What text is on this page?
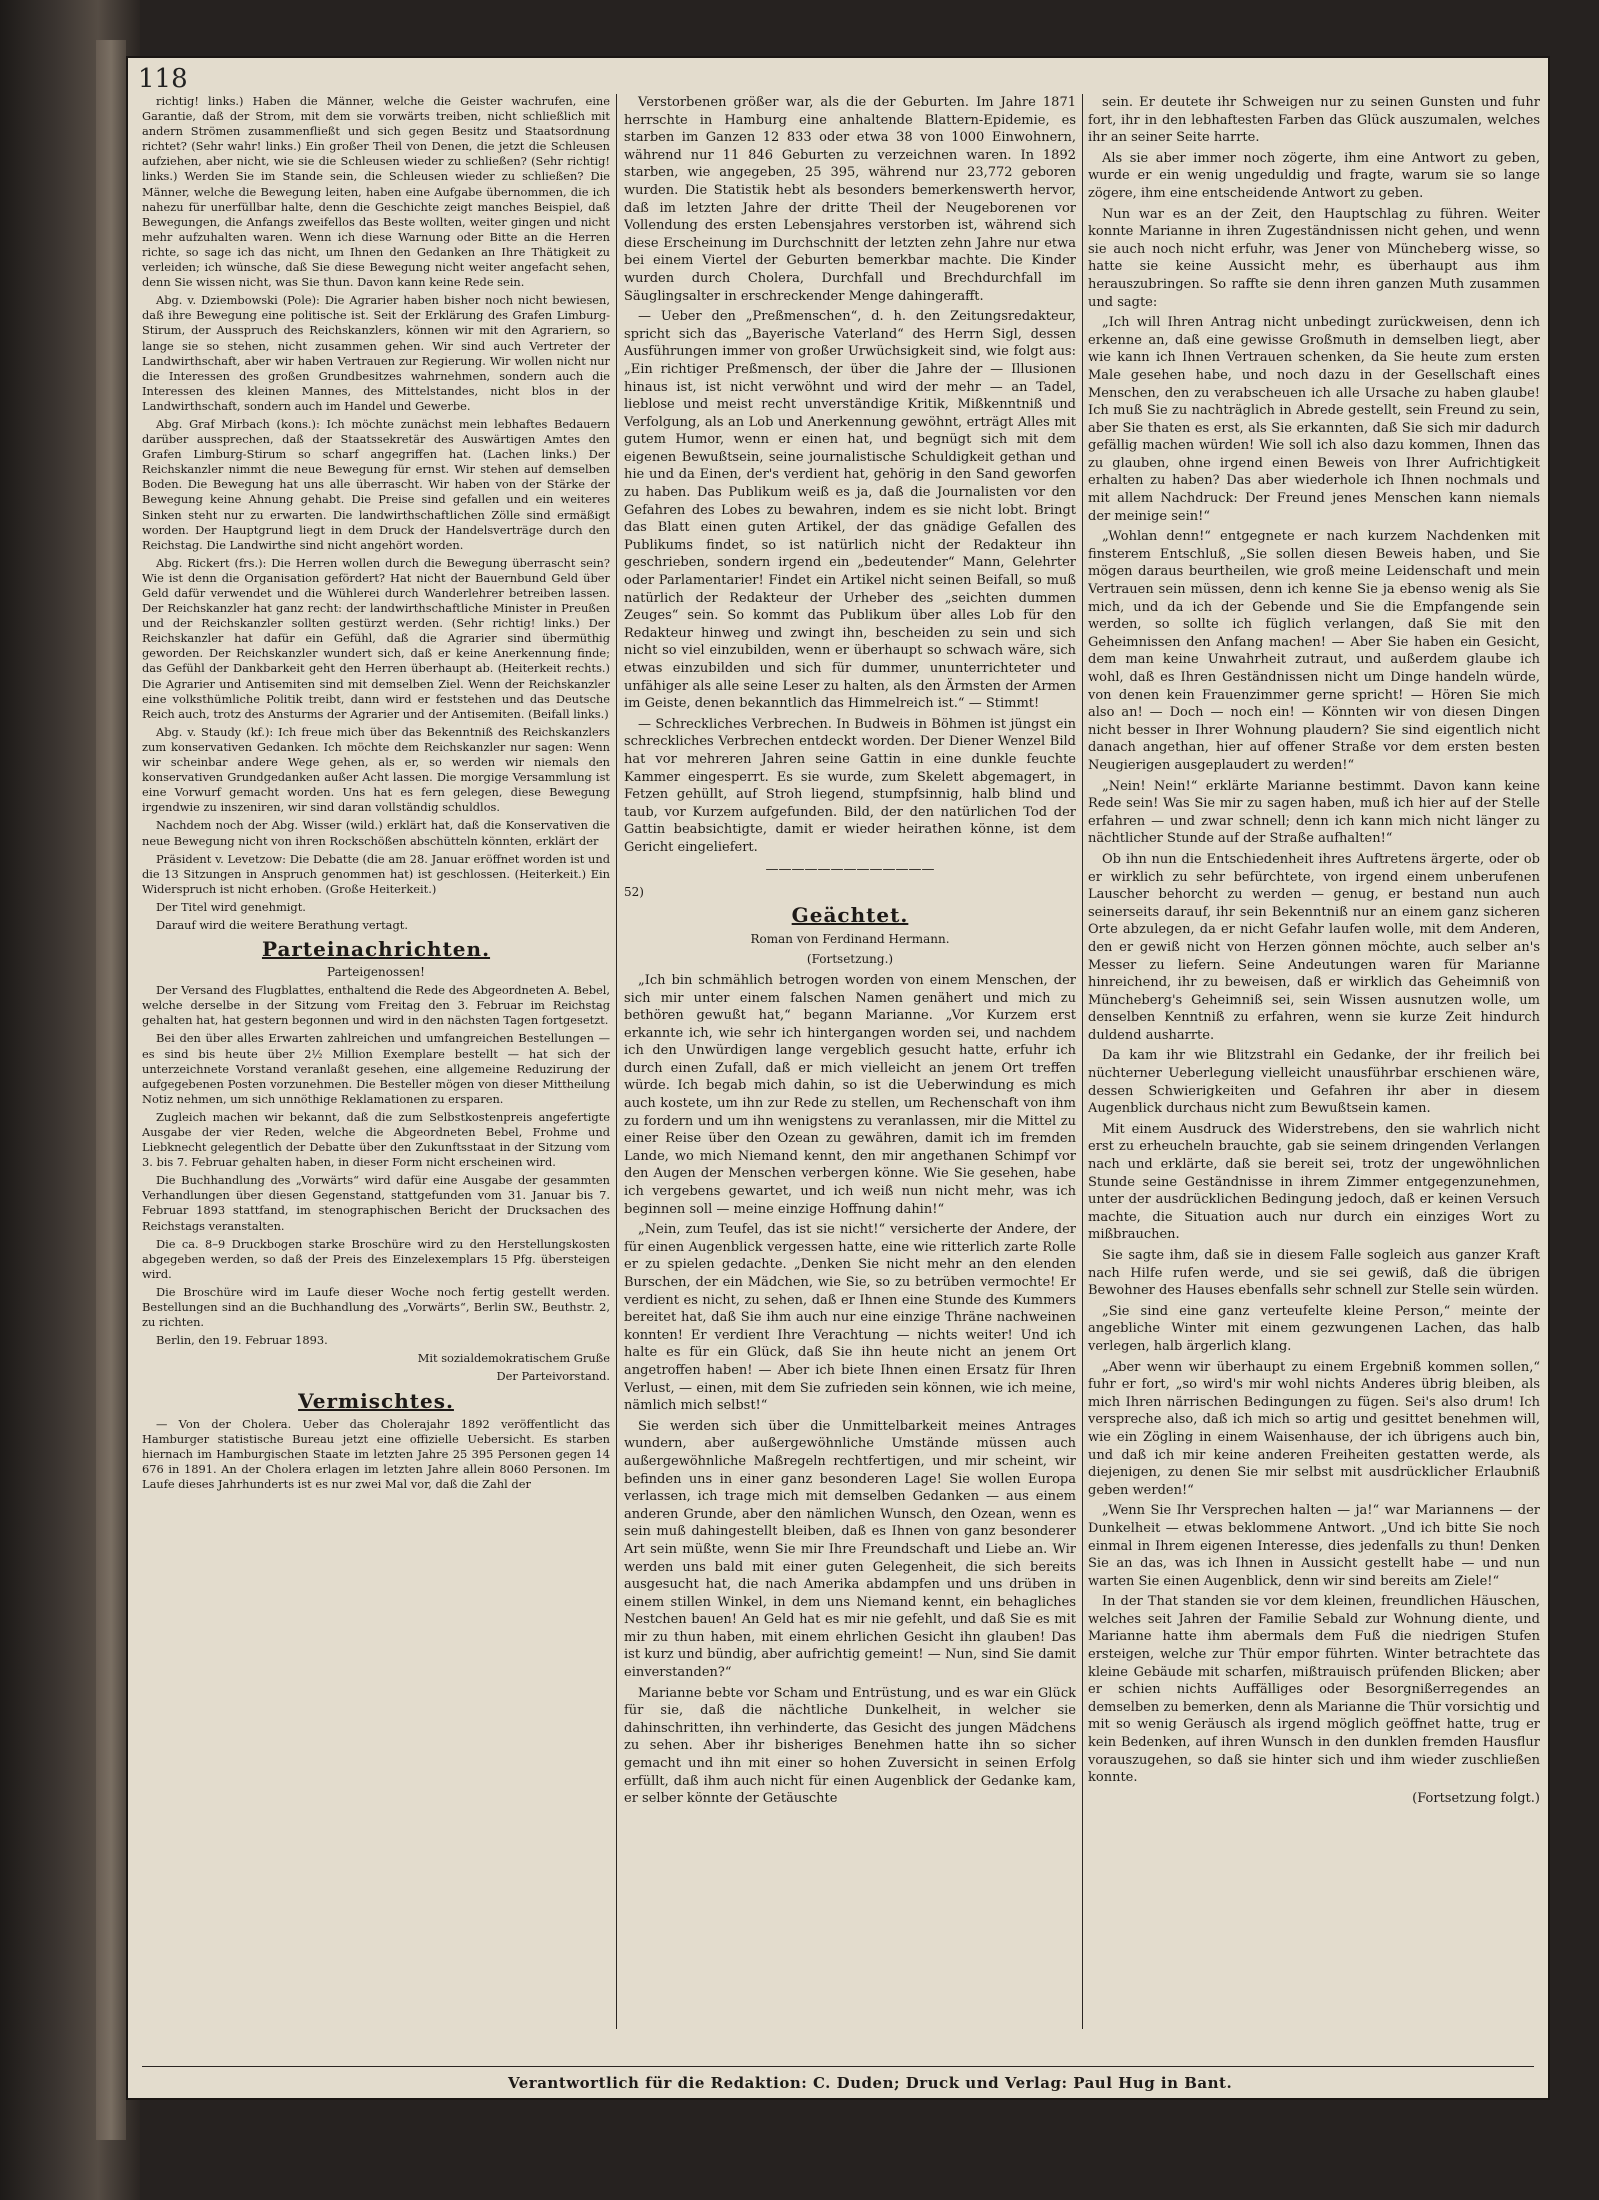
118

richtig! links.) Haben die Männer, welche die Geister wachrufen, eine Garantie, daß der Strom, mit dem sie vorwärts treiben, nicht schließlich mit andern Strömen zusammenfließt und sich gegen Besitz und Staatsordnung richtet? (Sehr wahr! links.) Ein großer Theil von Denen, die jetzt die Schleusen aufziehen, aber nicht, wie sie die Schleusen wieder zu schließen? (Sehr richtig! links.) Werden Sie im Stande sein, die Schleusen wieder zu schließen? Die Männer, welche die Bewegung leiten, haben eine Aufgabe übernommen, die ich nahezu für unerfüllbar halte, denn die Geschichte zeigt manches Beispiel, daß Bewegungen, die Anfangs zweifellos das Beste wollten, weiter gingen und nicht mehr aufzuhalten waren. Wenn ich diese Warnung oder Bitte an die Herren richte, so sage ich das nicht, um Ihnen den Gedanken an Ihre Thätigkeit zu verleiden; ich wünsche, daß Sie diese Bewegung nicht weiter angefacht sehen, denn Sie wissen nicht, was Sie thun. Davon kann keine Rede sein.

Abg. v. Dziembowski (Pole): Die Agrarier haben bisher noch nicht bewiesen, daß ihre Bewegung eine politische ist. Seit der Erklärung des Grafen Limburg-Stirum, der Ausspruch des Reichskanzlers, können wir mit den Agrariern, so lange sie so stehen, nicht zusammen gehen. Wir sind auch Vertreter der Landwirthschaft, aber wir haben Vertrauen zur Regierung. Wir wollen nicht nur die Interessen des großen Grundbesitzes wahrnehmen, sondern auch die Interessen des kleinen Mannes, des Mittelstandes, nicht blos in der Landwirthschaft, sondern auch im Handel und Gewerbe.

Abg. Graf Mirbach (kons.): Ich möchte zunächst mein lebhaftes Bedauern darüber aussprechen, daß der Staatssekretär des Auswärtigen Amtes den Grafen Limburg-Stirum so scharf angegriffen hat. (Lachen links.) Der Reichskanzler nimmt die neue Bewegung für ernst. Wir stehen auf demselben Boden. Die Bewegung hat uns alle überrascht. Wir haben von der Stärke der Bewegung keine Ahnung gehabt. Die Preise sind gefallen und ein weiteres Sinken steht nur zu erwarten. Die landwirthschaftlichen Zölle sind ermäßigt worden. Der Hauptgrund liegt in dem Druck der Handelsverträge durch den Reichstag. Die Landwirthe sind nicht angehört worden.

Abg. Rickert (frs.): Die Herren wollen durch die Bewegung überrascht sein? Wie ist denn die Organisation gefördert? Hat nicht der Bauernbund Geld über Geld dafür verwendet und die Wühlerei durch Wanderlehrer betreiben lassen. Der Reichskanzler hat ganz recht: der landwirthschaftliche Minister in Preußen und der Reichskanzler sollten gestürzt werden. (Sehr richtig! links.) Der Reichskanzler hat dafür ein Gefühl, daß die Agrarier sind übermüthig geworden. Der Reichskanzler wundert sich, daß er keine Anerkennung finde; das Gefühl der Dankbarkeit geht den Herren überhaupt ab. (Heiterkeit rechts.) Die Agrarier und Antisemiten sind mit demselben Ziel. Wenn der Reichskanzler eine volksthümliche Politik treibt, dann wird er feststehen und das Deutsche Reich auch, trotz des Ansturms der Agrarier und der Antisemiten. (Beifall links.)

Abg. v. Staudy (kf.): Ich freue mich über das Bekenntniß des Reichskanzlers zum konservativen Gedanken. Ich möchte dem Reichskanzler nur sagen: Wenn wir scheinbar andere Wege gehen, als er, so werden wir niemals den konservativen Grundgedanken außer Acht lassen. Die morgige Versammlung ist eine Vorwurf gemacht worden. Uns hat es fern gelegen, diese Bewegung irgendwie zu inszeniren, wir sind daran vollständig schuldlos.

Nachdem noch der Abg. Wisser (wild.) erklärt hat, daß die Konservativen die neue Bewegung nicht von ihren Rockschößen abschütteln könnten, erklärt der

Präsident v. Levetzow: Die Debatte (die am 28. Januar eröffnet worden ist und die 13 Sitzungen in Anspruch genommen hat) ist geschlossen. (Heiterkeit.) Ein Widerspruch ist nicht erhoben. (Große Heiterkeit.)

Der Titel wird genehmigt.

Darauf wird die weitere Berathung vertagt.

Parteinachrichten.

Parteigenossen!

Der Versand des Flugblattes, enthaltend die Rede des Abgeordneten A. Bebel, welche derselbe in der Sitzung vom Freitag den 3. Februar im Reichstag gehalten hat, hat gestern begonnen und wird in den nächsten Tagen fortgesetzt.

Bei den über alles Erwarten zahlreichen und umfangreichen Bestellungen — es sind bis heute über 2½ Million Exemplare bestellt — hat sich der unterzeichnete Vorstand veranlaßt gesehen, eine allgemeine Reduzirung der aufgegebenen Posten vorzunehmen. Die Besteller mögen von dieser Mittheilung Notiz nehmen, um sich unnöthige Reklamationen zu ersparen.

Zugleich machen wir bekannt, daß die zum Selbstkostenpreis angefertigte Ausgabe der vier Reden, welche die Abgeordneten Bebel, Frohme und Liebknecht gelegentlich der Debatte über den Zukunftsstaat in der Sitzung vom 3. bis 7. Februar gehalten haben, in dieser Form nicht erscheinen wird.

Die Buchhandlung des „Vorwärts“ wird dafür eine Ausgabe der gesammten Verhandlungen über diesen Gegenstand, stattgefunden vom 31. Januar bis 7. Februar 1893 stattfand, im stenographischen Bericht der Drucksachen des Reichstags veranstalten.

Die ca. 8–9 Druckbogen starke Broschüre wird zu den Herstellungskosten abgegeben werden, so daß der Preis des Einzelexemplars 15 Pfg. übersteigen wird.

Die Broschüre wird im Laufe dieser Woche noch fertig gestellt werden. Bestellungen sind an die Buchhandlung des „Vorwärts“, Berlin SW., Beuthstr. 2, zu richten.

Berlin, den 19. Februar 1893.

Mit sozialdemokratischem Gruße

Der Parteivorstand.

Vermischtes.

— Von der Cholera. Ueber das Cholerajahr 1892 veröffentlicht das Hamburger statistische Bureau jetzt eine offizielle Uebersicht. Es starben hiernach im Hamburgischen Staate im letzten Jahre 25 395 Personen gegen 14 676 in 1891. An der Cholera erlagen im letzten Jahre allein 8060 Personen. Im Laufe dieses Jahrhunderts ist es nur zwei Mal vor, daß die Zahl der

Verstorbenen größer war, als die der Geburten. Im Jahre 1871 herrschte in Hamburg eine anhaltende Blattern-Epidemie, es starben im Ganzen 12 833 oder etwa 38 von 1000 Einwohnern, während nur 11 846 Geburten zu verzeichnen waren. In 1892 starben, wie angegeben, 25 395, während nur 23,772 geboren wurden. Die Statistik hebt als besonders bemerkenswerth hervor, daß im letzten Jahre der dritte Theil der Neugeborenen vor Vollendung des ersten Lebensjahres verstorben ist, während sich diese Erscheinung im Durchschnitt der letzten zehn Jahre nur etwa bei einem Viertel der Geburten bemerkbar machte. Die Kinder wurden durch Cholera, Durchfall und Brechdurchfall im Säuglingsalter in erschreckender Menge dahingerafft.

— Ueber den „Preßmenschen“, d. h. den Zeitungsredakteur, spricht sich das „Bayerische Vaterland“ des Herrn Sigl, dessen Ausführungen immer von großer Urwüchsigkeit sind, wie folgt aus: „Ein richtiger Preßmensch, der über die Jahre der — Illusionen hinaus ist, ist nicht verwöhnt und wird der mehr — an Tadel, lieblose und meist recht unverständige Kritik, Mißkenntniß und Verfolgung, als an Lob und Anerkennung gewöhnt, erträgt Alles mit gutem Humor, wenn er einen hat, und begnügt sich mit dem eigenen Bewußtsein, seine journalistische Schuldigkeit gethan und hie und da Einen, der's verdient hat, gehörig in den Sand geworfen zu haben. Das Publikum weiß es ja, daß die Journalisten vor den Gefahren des Lobes zu bewahren, indem es sie nicht lobt. Bringt das Blatt einen guten Artikel, der das gnädige Gefallen des Publikums findet, so ist natürlich nicht der Redakteur ihn geschrieben, sondern irgend ein „bedeutender“ Mann, Gelehrter oder Parlamentarier! Findet ein Artikel nicht seinen Beifall, so muß natürlich der Redakteur der Urheber des „seichten dummen Zeuges“ sein. So kommt das Publikum über alles Lob für den Redakteur hinweg und zwingt ihn, bescheiden zu sein und sich nicht so viel einzubilden, wenn er überhaupt so schwach wäre, sich etwas einzubilden und sich für dummer, ununterrichteter und unfähiger als alle seine Leser zu halten, als den Ärmsten der Armen im Geiste, denen bekanntlich das Himmelreich ist.“ — Stimmt!

— Schreckliches Verbrechen. In Budweis in Böhmen ist jüngst ein schreckliches Verbrechen entdeckt worden. Der Diener Wenzel Bild hat vor mehreren Jahren seine Gattin in eine dunkle feuchte Kammer eingesperrt. Es sie wurde, zum Skelett abgemagert, in Fetzen gehüllt, auf Stroh liegend, stumpfsinnig, halb blind und taub, vor Kurzem aufgefunden. Bild, der den natürlichen Tod der Gattin beabsichtigte, damit er wieder heirathen könne, ist dem Gericht eingeliefert.

—————————————

52)

Geächtet.

Roman von Ferdinand Hermann.

(Fortsetzung.)

„Ich bin schmählich betrogen worden von einem Menschen, der sich mir unter einem falschen Namen genähert und mich zu bethören gewußt hat,“ begann Marianne. „Vor Kurzem erst erkannte ich, wie sehr ich hintergangen worden sei, und nachdem ich den Unwürdigen lange vergeblich gesucht hatte, erfuhr ich durch einen Zufall, daß er mich vielleicht an jenem Ort treffen würde. Ich begab mich dahin, so ist die Ueberwindung es mich auch kostete, um ihn zur Rede zu stellen, um Rechenschaft von ihm zu fordern und um ihn wenigstens zu veranlassen, mir die Mittel zu einer Reise über den Ozean zu gewähren, damit ich im fremden Lande, wo mich Niemand kennt, den mir angethanen Schimpf vor den Augen der Menschen verbergen könne. Wie Sie gesehen, habe ich vergebens gewartet, und ich weiß nun nicht mehr, was ich beginnen soll — meine einzige Hoffnung dahin!“

„Nein, zum Teufel, das ist sie nicht!“ versicherte der Andere, der für einen Augenblick vergessen hatte, eine wie ritterlich zarte Rolle er zu spielen gedachte. „Denken Sie nicht mehr an den elenden Burschen, der ein Mädchen, wie Sie, so zu betrüben vermochte! Er verdient es nicht, zu sehen, daß er Ihnen eine Stunde des Kummers bereitet hat, daß Sie ihm auch nur eine einzige Thräne nachweinen konnten! Er verdient Ihre Verachtung — nichts weiter! Und ich halte es für ein Glück, daß Sie ihn heute nicht an jenem Ort angetroffen haben! — Aber ich biete Ihnen einen Ersatz für Ihren Verlust, — einen, mit dem Sie zufrieden sein können, wie ich meine, nämlich mich selbst!“

Sie werden sich über die Unmittelbarkeit meines Antrages wundern, aber außergewöhnliche Umstände müssen auch außergewöhnliche Maßregeln rechtfertigen, und mir scheint, wir befinden uns in einer ganz besonderen Lage! Sie wollen Europa verlassen, ich trage mich mit demselben Gedanken — aus einem anderen Grunde, aber den nämlichen Wunsch, den Ozean, wenn es sein muß dahingestellt bleiben, daß es Ihnen von ganz besonderer Art sein müßte, wenn Sie mir Ihre Freundschaft und Liebe an. Wir werden uns bald mit einer guten Gelegenheit, die sich bereits ausgesucht hat, die nach Amerika abdampfen und uns drüben in einem stillen Winkel, in dem uns Niemand kennt, ein behagliches Nestchen bauen! An Geld hat es mir nie gefehlt, und daß Sie es mit mir zu thun haben, mit einem ehrlichen Gesicht ihn glauben! Das ist kurz und bündig, aber aufrichtig gemeint! — Nun, sind Sie damit einverstanden?“

Marianne bebte vor Scham und Entrüstung, und es war ein Glück für sie, daß die nächtliche Dunkelheit, in welcher sie dahinschritten, ihn verhinderte, das Gesicht des jungen Mädchens zu sehen. Aber ihr bisheriges Benehmen hatte ihn so sicher gemacht und ihn mit einer so hohen Zuversicht in seinen Erfolg erfüllt, daß ihm auch nicht für einen Augenblick der Gedanke kam, er selber könnte der Getäuschte

sein. Er deutete ihr Schweigen nur zu seinen Gunsten und fuhr fort, ihr in den lebhaftesten Farben das Glück auszumalen, welches ihr an seiner Seite harrte.

Als sie aber immer noch zögerte, ihm eine Antwort zu geben, wurde er ein wenig ungeduldig und fragte, warum sie so lange zögere, ihm eine entscheidende Antwort zu geben.

Nun war es an der Zeit, den Hauptschlag zu führen. Weiter konnte Marianne in ihren Zugeständnissen nicht gehen, und wenn sie auch noch nicht erfuhr, was Jener von Müncheberg wisse, so hatte sie keine Aussicht mehr, es überhaupt aus ihm herauszubringen. So raffte sie denn ihren ganzen Muth zusammen und sagte:

„Ich will Ihren Antrag nicht unbedingt zurückweisen, denn ich erkenne an, daß eine gewisse Großmuth in demselben liegt, aber wie kann ich Ihnen Vertrauen schenken, da Sie heute zum ersten Male gesehen habe, und noch dazu in der Gesellschaft eines Menschen, den zu verabscheuen ich alle Ursache zu haben glaube! Ich muß Sie zu nachträglich in Abrede gestellt, sein Freund zu sein, aber Sie thaten es erst, als Sie erkannten, daß Sie sich mir dadurch gefällig machen würden! Wie soll ich also dazu kommen, Ihnen das zu glauben, ohne irgend einen Beweis von Ihrer Aufrichtigkeit erhalten zu haben? Das aber wiederhole ich Ihnen nochmals und mit allem Nachdruck: Der Freund jenes Menschen kann niemals der meinige sein!“

„Wohlan denn!“ entgegnete er nach kurzem Nachdenken mit finsterem Entschluß, „Sie sollen diesen Beweis haben, und Sie mögen daraus beurtheilen, wie groß meine Leidenschaft und mein Vertrauen sein müssen, denn ich kenne Sie ja ebenso wenig als Sie mich, und da ich der Gebende und Sie die Empfangende sein werden, so sollte ich füglich verlangen, daß Sie mit den Geheimnissen den Anfang machen! — Aber Sie haben ein Gesicht, dem man keine Unwahrheit zutraut, und außerdem glaube ich wohl, daß es Ihren Geständnissen nicht um Dinge handeln würde, von denen kein Frauenzimmer gerne spricht! — Hören Sie mich also an! — Doch — noch ein! — Könnten wir von diesen Dingen nicht besser in Ihrer Wohnung plaudern? Sie sind eigentlich nicht danach angethan, hier auf offener Straße vor dem ersten besten Neugierigen ausgeplaudert zu werden!“

„Nein! Nein!“ erklärte Marianne bestimmt. Davon kann keine Rede sein! Was Sie mir zu sagen haben, muß ich hier auf der Stelle erfahren — und zwar schnell; denn ich kann mich nicht länger zu nächtlicher Stunde auf der Straße aufhalten!“

Ob ihn nun die Entschiedenheit ihres Auftretens ärgerte, oder ob er wirklich zu sehr befürchtete, von irgend einem unberufenen Lauscher behorcht zu werden — genug, er bestand nun auch seinerseits darauf, ihr sein Bekenntniß nur an einem ganz sicheren Orte abzulegen, da er nicht Gefahr laufen wolle, mit dem Anderen, den er gewiß nicht von Herzen gönnen möchte, auch selber an's Messer zu liefern. Seine Andeutungen waren für Marianne hinreichend, ihr zu beweisen, daß er wirklich das Geheimniß von Müncheberg's Geheimniß sei, sein Wissen ausnutzen wolle, um denselben Kenntniß zu erfahren, wenn sie kurze Zeit hindurch duldend ausharrte.

Da kam ihr wie Blitzstrahl ein Gedanke, der ihr freilich bei nüchterner Ueberlegung vielleicht unausführbar erschienen wäre, dessen Schwierigkeiten und Gefahren ihr aber in diesem Augenblick durchaus nicht zum Bewußtsein kamen.

Mit einem Ausdruck des Widerstrebens, den sie wahrlich nicht erst zu erheucheln brauchte, gab sie seinem dringenden Verlangen nach und erklärte, daß sie bereit sei, trotz der ungewöhnlichen Stunde seine Geständnisse in ihrem Zimmer entgegenzunehmen, unter der ausdrücklichen Bedingung jedoch, daß er keinen Versuch machte, die Situation auch nur durch ein einziges Wort zu mißbrauchen.

Sie sagte ihm, daß sie in diesem Falle sogleich aus ganzer Kraft nach Hilfe rufen werde, und sie sei gewiß, daß die übrigen Bewohner des Hauses ebenfalls sehr schnell zur Stelle sein würden.

„Sie sind eine ganz verteufelte kleine Person,“ meinte der angebliche Winter mit einem gezwungenen Lachen, das halb verlegen, halb ärgerlich klang.

„Aber wenn wir überhaupt zu einem Ergebniß kommen sollen,“ fuhr er fort, „so wird's mir wohl nichts Anderes übrig bleiben, als mich Ihren närrischen Bedingungen zu fügen. Sei's also drum! Ich verspreche also, daß ich mich so artig und gesittet benehmen will, wie ein Zögling in einem Waisenhause, der ich übrigens auch bin, und daß ich mir keine anderen Freiheiten gestatten werde, als diejenigen, zu denen Sie mir selbst mit ausdrücklicher Erlaubniß geben werden!“

„Wenn Sie Ihr Versprechen halten — ja!“ war Mariannens — der Dunkelheit — etwas beklommene Antwort. „Und ich bitte Sie noch einmal in Ihrem eigenen Interesse, dies jedenfalls zu thun! Denken Sie an das, was ich Ihnen in Aussicht gestellt habe — und nun warten Sie einen Augenblick, denn wir sind bereits am Ziele!“

In der That standen sie vor dem kleinen, freundlichen Häuschen, welches seit Jahren der Familie Sebald zur Wohnung diente, und Marianne hatte ihm abermals dem Fuß die niedrigen Stufen ersteigen, welche zur Thür empor führten. Winter betrachtete das kleine Gebäude mit scharfen, mißtrauisch prüfenden Blicken; aber er schien nichts Auffälliges oder Besorgnißerregendes an demselben zu bemerken, denn als Marianne die Thür vorsichtig und mit so wenig Geräusch als irgend möglich geöffnet hatte, trug er kein Bedenken, auf ihren Wunsch in den dunklen fremden Hausflur vorauszugehen, so daß sie hinter sich und ihm wieder zuschließen konnte.

(Fortsetzung folgt.)

Verantwortlich für die Redaktion: C. Duden; Druck und Verlag: Paul Hug in Bant.
